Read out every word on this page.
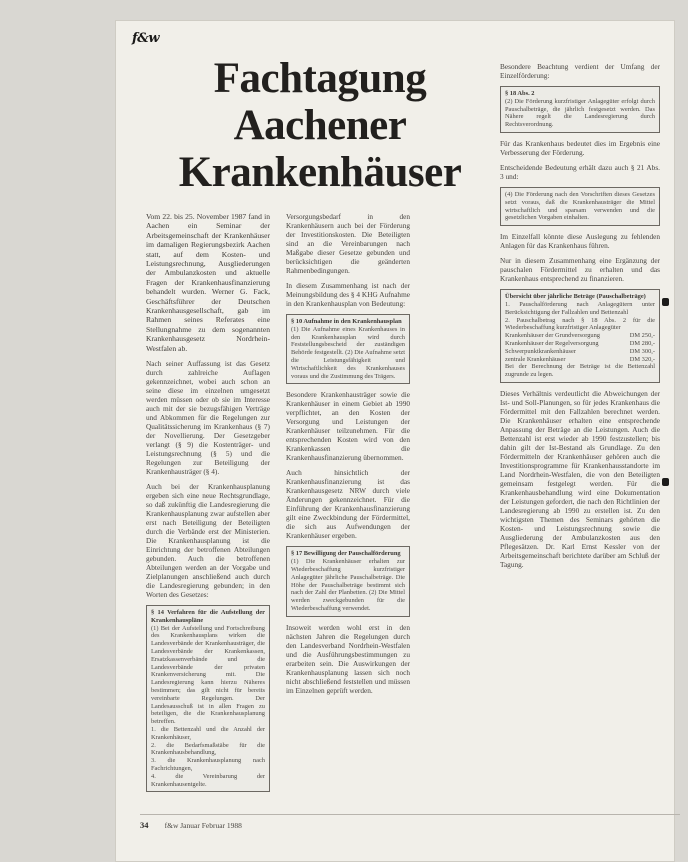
f&w
Fachtagung
Aachener
Krankenhäuser

Vom 22. bis 25. November 1987 fand in Aachen ein Seminar der Arbeitsgemeinschaft der Krankenhäuser im damaligen Regierungsbezirk Aachen statt, auf dem Kosten- und Leistungsrechnung, Ausgliederungen der Ambulanzkosten und aktuelle Fragen der Krankenhausfinanzierung behandelt wurden. Werner G. Fack, Geschäftsführer der Deutschen Krankenhausgesellschaft, gab im Rahmen seines Referates eine Stellungnahme zu dem sogenannten Krankenhausgesetz Nordrhein-Westfalen ab.

Nach seiner Auffassung ist das Gesetz durch zahlreiche Auflagen gekennzeichnet, wobei auch schon an seine diese im einzelnen umgesetzt werden müssen oder ob sie im Interesse auch mit der sie bezugsfähigen Verträge und Abkommen für die Regelungen zur Qualitätssicherung im Krankenhaus (§ 7) der Novellierung. Der Gesetzgeber verlangt (§ 9) die Kostenträger- und Leistungsrechnung (§ 5) und die Regelungen zur Beteiligung der Krankenhausträger (§ 4).

Auch bei der Krankenhausplanung ergeben sich eine neue Rechtsgrundlage, so daß zukünftig die Landesregierung die Krankenhausplanung zwar aufstellen aber erst nach Beteiligung der Beteiligten durch die Verbände erst der Ministerien. Die Krankenhausplanung ist die Einrichtung der betroffenen Abteilungen gebunden. Auch die betroffenen Abteilungen werden an der Vorgabe und Zielplanungen anschließend auch durch die Landesregierung gebunden; in den Worten des Gesetzes:

§ 14 Verfahren für die Aufstellung der Krankenhauspläne
(1) Bei der Aufstellung und Fortschreibung des Krankenhausplans wirken die Landesverbände der Krankenhausträger, die Landesverbände der Krankenkassen, Ersatzkassenverbände und die Landesverbände der privaten Krankenversicherung mit. Die Landesregierung kann hierzu Näheres bestimmen; das gilt nicht für bereits vereinbarte Regelungen. Der Landesausschuß ist in allen Fragen zu beteiligen, die die Krankenhausplanung betreffen.
1. die Bettenzahl und die Anzahl der Krankenhäuser,
2. die Bedarfsmaßstäbe für die Krankenhausbehandlung,
3. die Krankenhausplanung nach Fachrichtungen,
4. die Vereinbarung der Krankenhausentgelte.

Versorgungsbedarf in den Krankenhäusern auch bei der Förderung der Investitionskosten. Die Beteiligten sind an die Vereinbarungen nach Maßgabe dieser Gesetze gebunden und berücksichtigen die geänderten Rahmenbedingungen.

In diesem Zusammenhang ist nach der Meinungsbildung des § 4 KHG Aufnahme in den Krankenhausplan von Bedeutung:

§ 10 Aufnahme in den Krankenhausplan
(1) Die Aufnahme eines Krankenhauses in den Krankenhausplan wird durch Feststellungsbescheid der zuständigen Behörde festgestellt. (2) Die Aufnahme setzt die Leistungsfähigkeit und Wirtschaftlichkeit des Krankenhauses voraus und die Zustimmung des Trägers.

Besondere Krankenhausträger sowie die Krankenhäuser in einem Gebiet ab 1990 verpflichtet, an den Kosten der Versorgung und Leistungen der Krankenhäuser teilzunehmen. Für die entsprechenden Kosten wird von den Krankenkassen die Krankenhausfinanzierung übernommen.

Auch hinsichtlich der Krankenhausfinanzierung ist das Krankenhausgesetz NRW durch viele Änderungen gekennzeichnet. Für die Einführung der Krankenhausfinanzierung gilt eine Zweckbindung der Fördermittel, die sich aus Aufwendungen der Krankenhäuser ergeben.

§ 17 Bewilligung der Pauschalförderung
(1) Die Krankenhäuser erhalten zur Wiederbeschaffung kurzfristiger Anlagegüter jährliche Pauschalbeträge. Die Höhe der Pauschalbeträge bestimmt sich nach der Zahl der Planbetten. (2) Die Mittel werden zweckgebunden für die Wiederbeschaffung verwendet.

Insoweit werden wohl erst in den nächsten Jahren die Regelungen durch den Landesverband Nordrhein-Westfalen und die Ausführungsbestimmungen zu erarbeiten sein. Die Auswirkungen der Krankenhausplanung lassen sich noch nicht abschließend feststellen und müssen im Einzelnen geprüft werden.

Besondere Beachtung verdient der Umfang der Einzelförderung:

§ 18 Abs. 2
(2) Die Förderung kurzfristiger Anlagegüter erfolgt durch Pauschalbeträge, die jährlich festgesetzt werden. Das Nähere regelt die Landesregierung durch Rechtsverordnung.

Für das Krankenhaus bedeutet dies im Ergebnis eine Verbesserung der Förderung.

Entscheidende Bedeutung erhält dazu auch § 21 Abs. 3 und:

(4) Die Förderung nach den Vorschriften dieses Gesetzes setzt voraus, daß die Krankenhausträger die Mittel wirtschaftlich und sparsam verwenden und die gesetzlichen Vorgaben einhalten.

Im Einzelfall könnte diese Auslegung zu fehlenden Anlagen für das Krankenhaus führen.

Nur in diesem Zusammenhang eine Ergänzung der pauschalen Fördermittel zu erhalten und das Krankenhaus entsprechend zu finanzieren.

Übersicht über jährliche Beträge (Pauschalbeträge)
1. Pauschalförderung nach Anlagegütern unter Berücksichtigung der Fallzahlen und Bettenzahl
2. Pauschalbetrag nach § 18 Abs. 2 für die Wiederbeschaffung kurzfristiger Anlagegüter
Krankenhäuser der Grundversorgung	DM 250,-
Krankenhäuser der Regelversorgung	DM 280,-
Schwerpunktkrankenhäuser	DM 300,-
zentrale Krankenhäuser	DM 320,-
Bei der Berechnung der Beträge ist die Bettenzahl zugrunde zu legen.

Dieses Verhältnis verdeutlicht die Abweichungen der Ist- und Soll-Planungen, so für jedes Krankenhaus die Fördermittel mit den Fallzahlen berechnet werden. Die Krankenhäuser erhalten eine entsprechende Anpassung der Beträge an die Leistungen. Auch die Bettenzahl ist erst wieder ab 1990 festzustellen; bis dahin gilt der Ist-Bestand als Grundlage. Zu den Fördermitteln der Krankenhäuser gehören auch die Investitionsprogramme für Krankenhausstandorte im Land Nordrhein-Westfalen, die von den Beteiligten gemeinsam festgelegt werden. Für die Krankenhausbehandlung wird eine Dokumentation der Leistungen gefordert, die nach den Richtlinien der Landesregierung ab 1990 zu erstellen ist. Zu den wichtigsten Themen des Seminars gehörten die Kosten- und Leistungsrechnung sowie die Ausgliederung der Ambulanzkosten aus den Pflegesätzen. Dr. Karl Ernst Kessler von der Arbeitsgemeinschaft berichtete darüber am Schluß der Tagung.

34 f&w Januar Februar 1988
